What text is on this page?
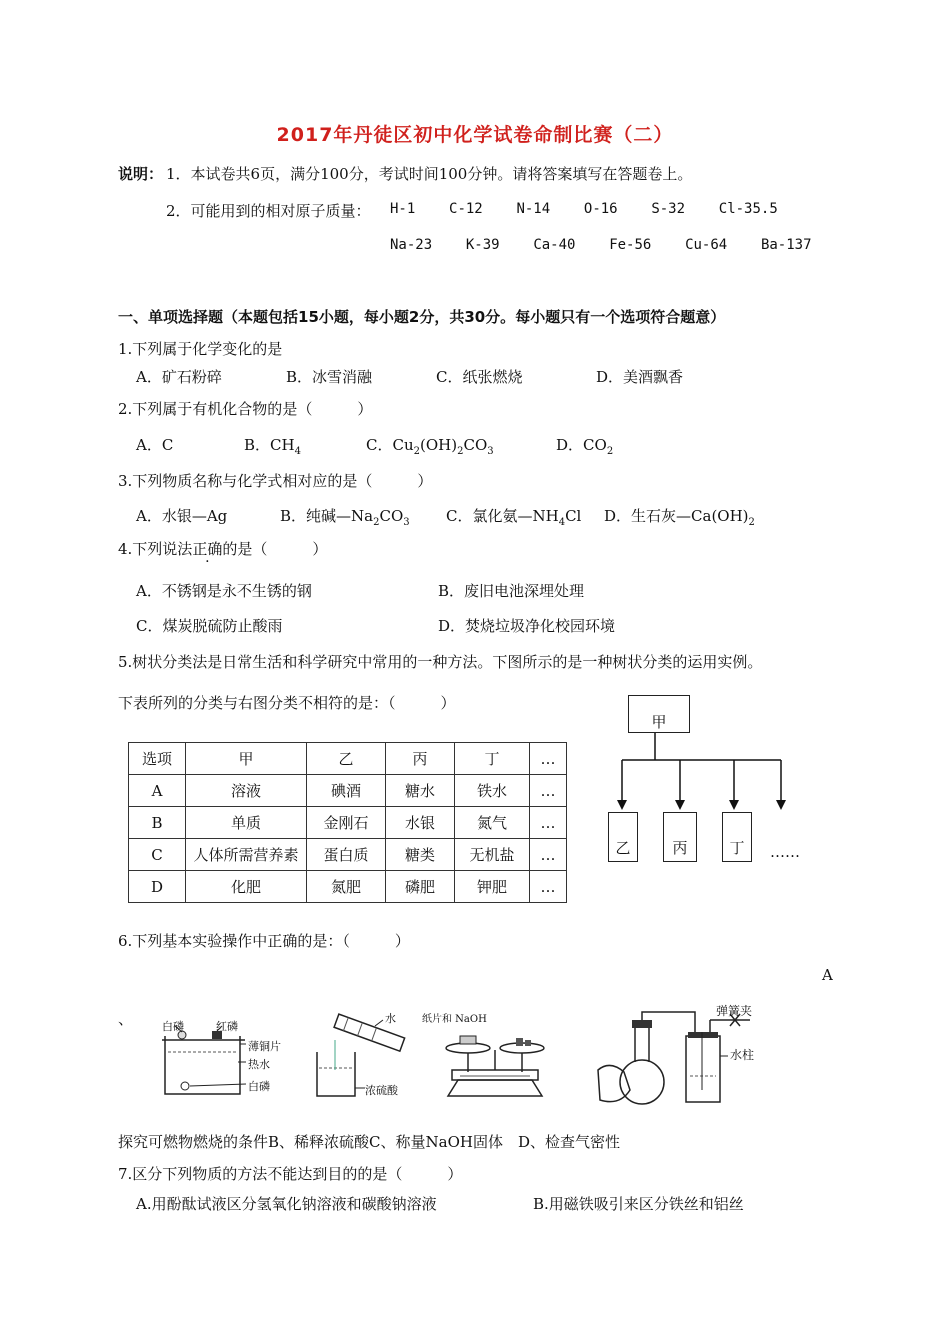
2017年丹徒区初中化学试卷命制比赛（二）
说明： 1．本试卷共6页，满分100分，考试时间100分钟。请将答案填写在答题卷上。
2．可能用到的相对原子质量： H-1 C-12 N-14 O-16 S-32 Cl-35.5
Na-23 K-39 Ca-40 Fe-56 Cu-64 Ba-137
一、单项选择题（本题包括15小题，每小题2分，共30分。每小题只有一个选项符合题意）
1.下列属于化学变化的是
A．矿石粉碎	B．冰雪消融	C．纸张燃烧	D．美酒飘香
2.下列属于有机化合物的是（　　　）
A．C	B．$CH_4$	C．$Cu_2(OH)_2CO_3$	D．$CO_2$
3.下列物质名称与化学式相对应的是（　　　）
A．水银—Ag	B．纯碱$—Na_2CO_3$ C．氯化氨$—NH_4Cl$ D．生石灰$—Ca(OH)_2$
4.下列说法正确的是（　　　）
A．不锈钢是永不生锈的钢	B．废旧电池深埋处理
C．煤炭脱硫防止酸雨	D．焚烧垃圾净化校园环境
5.树状分类法是日常生活和科学研究中常用的一种方法。下图所示的是一种树状分类的运用实例。
下表所列的分类与右图分类不相符的是：（　　　）
选项	甲	乙	丙	丁	…
A	溶液	碘酒	糖水	铁水	…
B	单质	金刚石	水银	氮气	…
C	人体所需营养素	蛋白质	糖类	无机盐	…
D	化肥	氮肥	磷肥	钾肥	…
甲
乙	丙	丁	……
6.下列基本实验操作中正确的是：（　　　）
A
、	白磷	红磷
薄铜片
热水
白磷
水
浓硫酸
纸片和 NaOH
弹簧夹
水柱
探究可燃物燃烧的条件B、稀释浓硫酸C、称量NaOH固体　D、检查气密性
7.区分下列物质的方法不能达到目的的是（　　　）
A.用酚酞试液区分氢氧化钠溶液和碳酸钠溶液	B.用磁铁吸引来区分铁丝和铝丝
